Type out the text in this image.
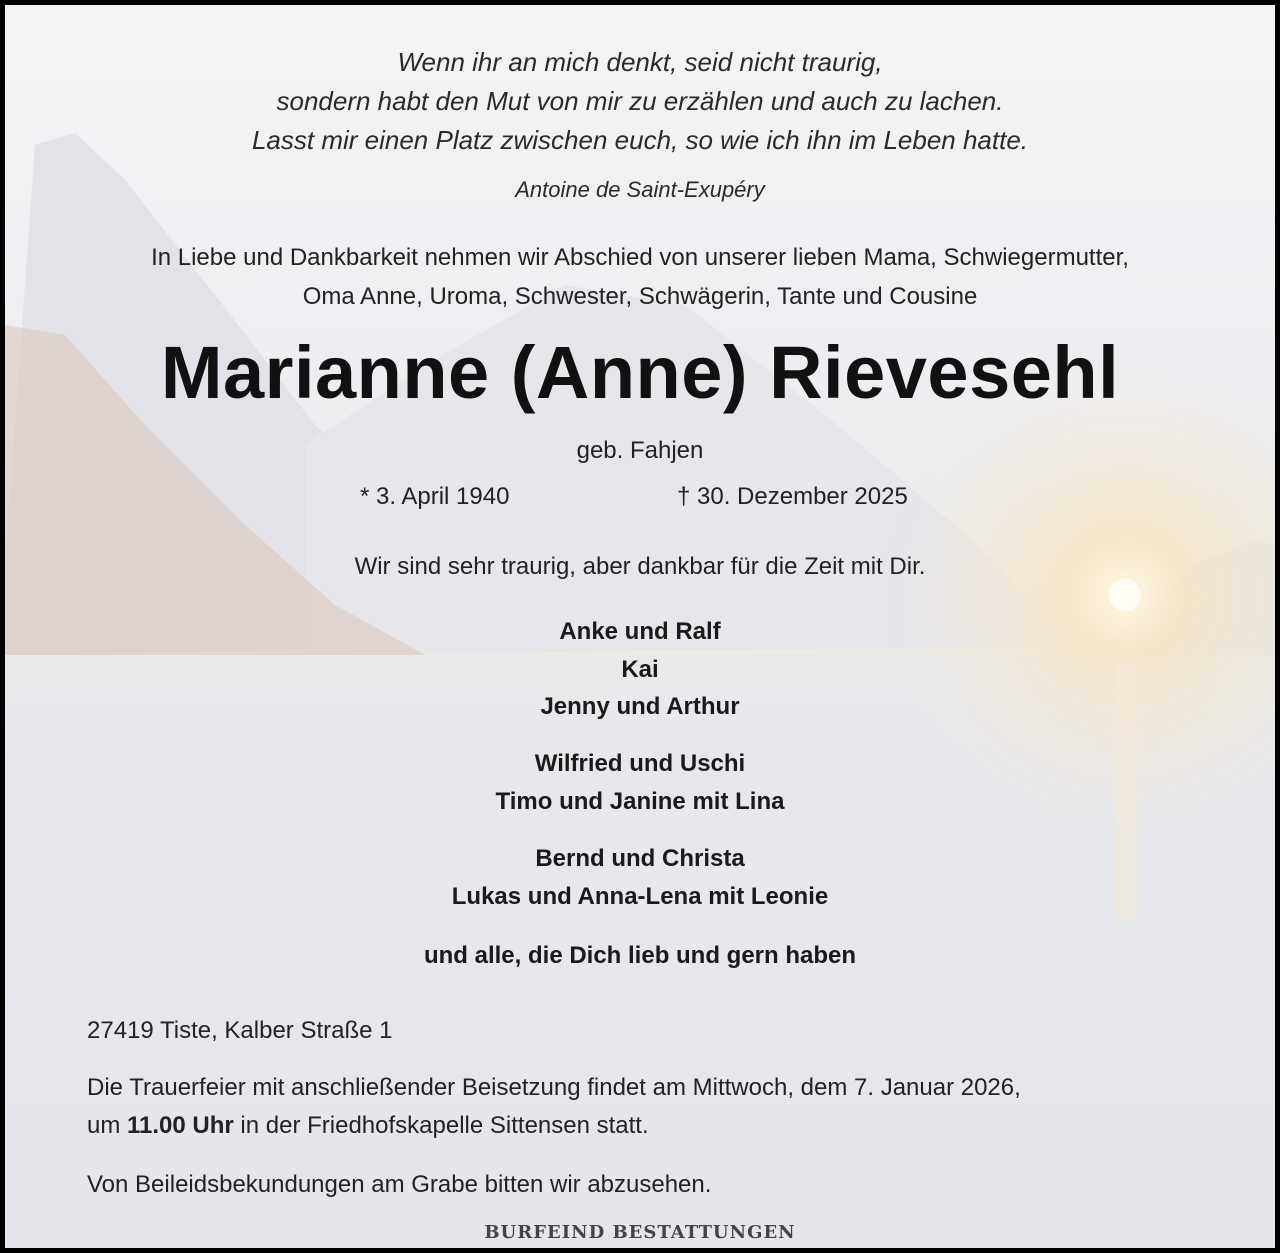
Wenn ihr an mich denkt, seid nicht traurig,
sondern habt den Mut von mir zu erzählen und auch zu lachen.
Lasst mir einen Platz zwischen euch, so wie ich ihn im Leben hatte.
Antoine de Saint-Exupéry
In Liebe und Dankbarkeit nehmen wir Abschied von unserer lieben Mama, Schwiegermutter,
Oma Anne, Uroma, Schwester, Schwägerin, Tante und Cousine
Marianne (Anne) Rievesehl
geb. Fahjen
* 3. April 1940	† 30. Dezember 2025
Wir sind sehr traurig, aber dankbar für die Zeit mit Dir.
Anke und Ralf
Kai
Jenny und Arthur
Wilfried und Uschi
Timo und Janine mit Lina
Bernd und Christa
Lukas und Anna-Lena mit Leonie
und alle, die Dich lieb und gern haben
27419 Tiste, Kalber Straße 1
Die Trauerfeier mit anschließender Beisetzung findet am Mittwoch, dem 7. Januar 2026,
um 11.00 Uhr in der Friedhofskapelle Sittensen statt.
Von Beileidsbekundungen am Grabe bitten wir abzusehen.
BURFEIND BESTATTUNGEN
